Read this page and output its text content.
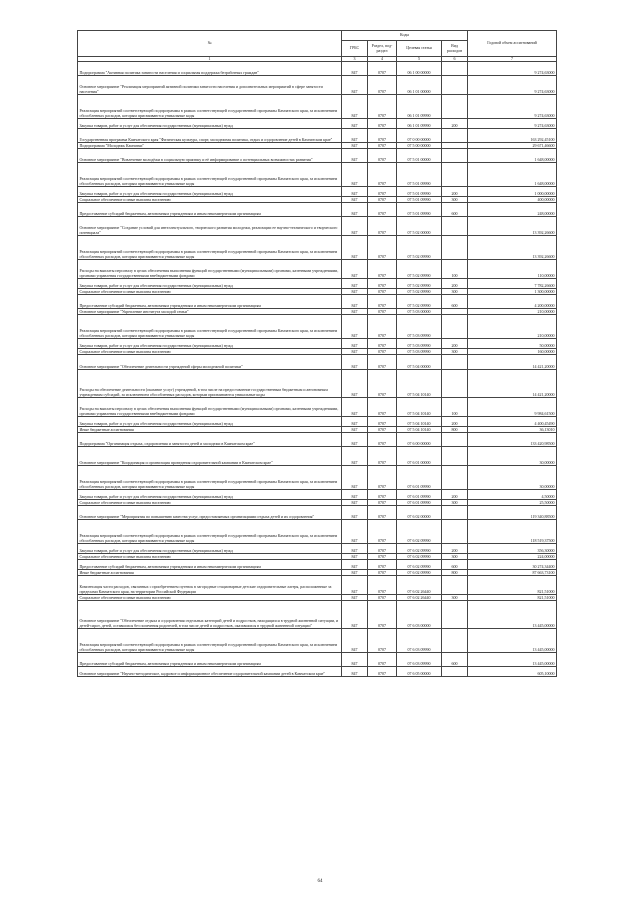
№	Коды				Годовой объем ассигнований
	ГРБС	Раздел, под-раздел	Целевая статья	Вид расходов	
1	3	4	5	6	7
Подпрограмма "Активная политика занятости населения и социальная поддержка безработных граждан"	847	0707	06 1 00 00000		9 274,63000
Основное мероприятие "Реализация мероприятий активной политики занятости населения и дополнительных мероприятий в сфере занятости населения"	847	0707	06 1 01 00000		9 274,63000
Реализация мероприятий соответствующей подпрограммы в рамках соответствующей государственной программы Камчатского края, за исключением обособленных расходов, которым присваиваются уникальные коды	847	0707	06 1 01 09990		9 274,63000
Закупка товаров, работ и услуг для обеспечения государственных (муниципальных) нужд	847	0707	06 1 01 09990	200	9 274,63000
Государственная программа Камчатского края "Физическая культура, спорт, молодежная политика, отдых и оздоровление детей в Камчатском крае"	847	0707	07 0 00 00000		163 292,45100
Подпрограмма "Молодежь Камчатки"	847	0707	07 5 00 00000		29 671,46600
Основное мероприятие "Вовлечение молодёжи в социальную практику и её информирование о потенциальных возможностях развития"	847	0707	07 5 01 00000		1 648,00000
Реализация мероприятий соответствующей подпрограммы в рамках соответствующей государственной программы Камчатского края, за исключением обособленных расходов, которым присваиваются уникальные коды	847	0707	07 5 01 09990		1 648,00000
Закупка товаров, работ и услуг для обеспечения государственных (муниципальных) нужд	847	0707	07 5 01 09990	200	1 000,00000
Социальное обеспечение и иные выплаты населению	847	0707	07 5 01 09990	300	400,00000
Предоставление субсидий бюджетным, автономным учреждениям и иным некоммерческим организациям	847	0707	07 5 01 09990	600	248,00000
Основное мероприятие "Создание условий для интеллектуального, творческого развития молодежи, реализации ее научно-технического и творческого потенциала"	847	0707	07 5 02 00000		13 392,26600
Реализация мероприятий соответствующей подпрограммы в рамках соответствующей государственной программы Камчатского края, за исключением обособленных расходов, которым присваиваются уникальные коды	847	0707	07 5 02 09990		13 392,26600
Расходы на выплаты персоналу в целях обеспечения выполнения функций государственными (муниципальными) органами, казенными учреждениями, органами управления государственными внебюджетными фондами	847	0707	07 5 02 09990	100	110,00000
Закупка товаров, работ и услуг для обеспечения государственных (муниципальных) нужд	847	0707	07 5 02 09990	200	7 782,26600
Социальное обеспечение и иные выплаты населению	847	0707	07 5 02 09990	300	1 300,00000
Предоставление субсидий бюджетным, автономным учреждениям и иным некоммерческим организациям	847	0707	07 5 02 09990	600	4 200,00000
Основное мероприятие "Укрепление института молодой семьи"	847	0707	07 5 03 00000		210,00000
Реализация мероприятий соответствующей подпрограммы в рамках соответствующей государственной программы Камчатского края, за исключением обособленных расходов, которым присваиваются уникальные коды	847	0707	07 5 03 09990		210,00000
Закупка товаров, работ и услуг для обеспечения государственных (муниципальных) нужд	847	0707	07 5 03 09990	200	50,00000
Социальное обеспечение и иные выплаты населению	847	0707	07 5 03 09990	300	160,00000
Основное мероприятие "Обеспечение деятельности учреждений сферы молодежной политики"	847	0707	07 5 04 00000		14 421,20000
Расходы на обеспечение деятельности (оказание услуг) учреждений, в том числе на предоставление государственным бюджетным и автономным учреждениям субсидий, за исключением обособленных расходов, которым присваиваются уникальные коды	847	0707	07 5 04 10140		14 421,20000
Расходы на выплаты персоналу в целях обеспечения выполнения функций государственными (муниципальными) органами, казенными учреждениями, органами управления государственными внебюджетными фондами	847	0707	07 5 04 10140	100	9 984,61500
Закупка товаров, работ и услуг для обеспечения государственных (муниципальных) нужд	847	0707	07 5 04 10140	200	4 400,45490
Иные бюджетные ассигнования	847	0707	07 5 04 10140	800	36,13010
Подпрограмма "Организация отдыха, оздоровления и занятости детей и молодежи в Камчатском крае"	847	0707	07 6 00 00000		133 420,98500
Основное мероприятие "Координация и организация проведения оздоровительной кампании в Камчатском крае"	847	0707	07 6 01 00000		30,00000
Реализация мероприятий соответствующей подпрограммы в рамках соответствующей государственной программы Камчатского края, за исключением обособленных расходов, которым присваиваются уникальные коды	847	0707	07 6 01 09990		30,00000
Закупка товаров, работ и услуг для обеспечения государственных (муниципальных) нужд	847	0707	07 6 01 09990	200	4,50000
Социальное обеспечение и иные выплаты населению	847	0707	07 6 01 09990	300	25,50000
Основное мероприятие "Мероприятия по повышению качества услуг, предоставляемых организациями отдыха детей и их оздоровления"	847	0707	07 6 02 00000		119 340,88500
Реализация мероприятий соответствующей подпрограммы в рамках соответствующей государственной программы Камчатского края, за исключением обособленных расходов, которым присваиваются уникальные коды	847	0707	07 6 02 09990		118 519,37500
Закупка товаров, работ и услуг для обеспечения государственных (муниципальных) нужд	847	0707	07 6 02 09990	200	356,30000
Социальное обеспечение и иные выплаты населению	847	0707	07 6 02 09990	300	224,00000
Предоставление субсидий бюджетным, автономным учреждениям и иным некоммерческим организациям	847	0707	07 6 02 09990	600	30 274,34400
Иные бюджетные ассигнования	847	0707	07 6 02 09990	800	87 663,73100
Компенсация части расходов, связанных с приобретением путевок в загородные стационарные детские оздоровительные лагеря, расположенные за пределами Камчатского края, на территории Российской Федерации	847	0707	07 6 02 26440		821,51000
Социальное обеспечение и иные выплаты населению	847	0707	07 6 02 26440	300	821,51000
Основное мероприятие "Обеспечение отдыха и оздоровления отдельных категорий детей и подростков, находящихся в трудной жизненной ситуации, и детей-сирот, детей, оставшихся без попечения родителей, в том числе детей и подростков, оказавшихся в трудной жизненной ситуации"	847	0707	07 6 03 00000		13 445,00000
Реализация мероприятий соответствующей подпрограммы в рамках соответствующей государственной программы Камчатского края, за исключением обособленных расходов, которым присваиваются уникальные коды	847	0707	07 6 03 09990		13 445,00000
Предоставление субсидий бюджетным, автономным учреждениям и иным некоммерческим организациям	847	0707	07 6 03 09990	600	13 445,00000
Основное мероприятие "Научно-методическое, кадровое и информационное обеспечение оздоровительной кампании детей в Камчатском крае"	847	0707	07 6 05 00000		605,10000
64
